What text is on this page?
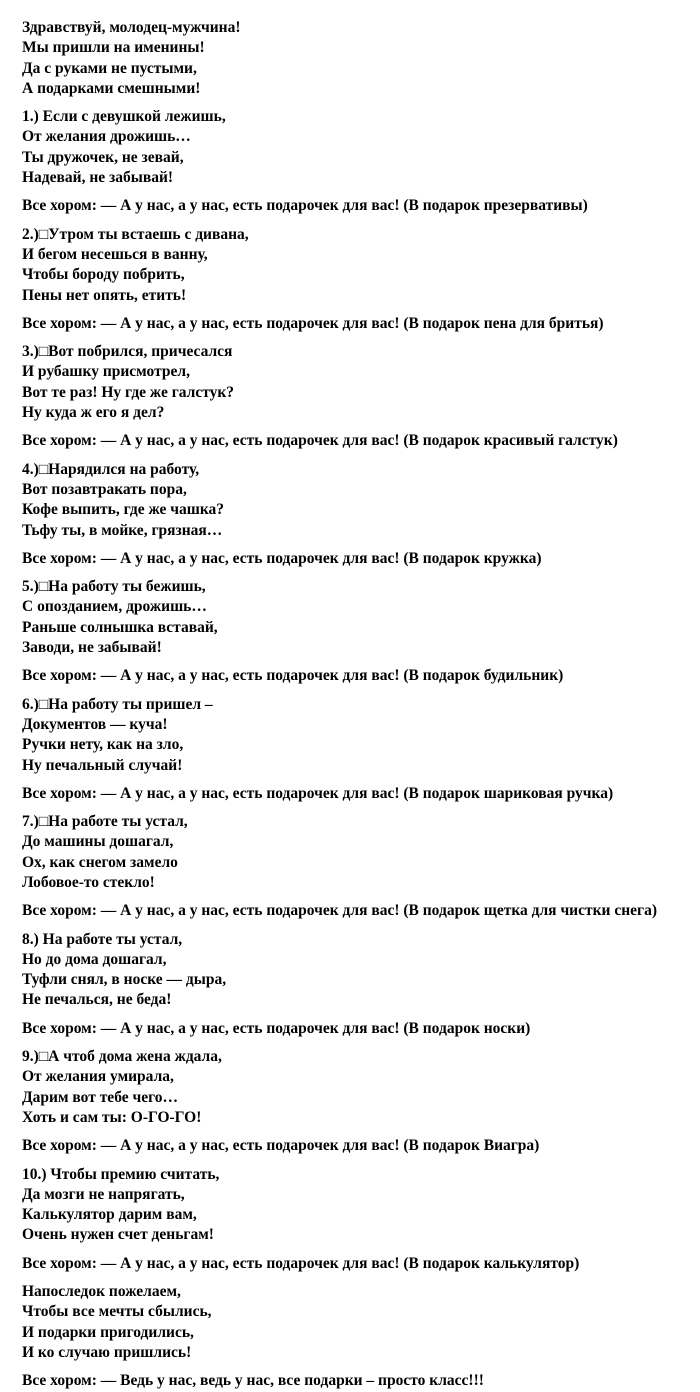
Здравствуй, молодец-мужчина!
Мы пришли на именины!
Да с руками не пустыми,
А подарками смешными!
1.) Если с девушкой лежишь,
От желания дрожишь…
Ты дружочек, не зевай,
Надевай, не забывай!
Все хором: — А у нас, а у нас, есть подарочек для вас! (В подарок презервативы)
2.)□Утром ты встаешь с дивана,
И бегом несешься в ванну,
Чтобы бороду побрить,
Пены нет опять, етить!
Все хором: — А у нас, а у нас, есть подарочек для вас! (В подарок пена для бритья)
3.)□Вот побрился, причесался
И рубашку присмотрел,
Вот те раз! Ну где же галстук?
Ну куда ж его я дел?
Все хором: — А у нас, а у нас, есть подарочек для вас! (В подарок красивый галстук)
4.)□Нарядился на работу,
Вот позавтракать пора,
Кофе выпить, где же чашка?
Тьфу ты, в мойке, грязная…
Все хором: — А у нас, а у нас, есть подарочек для вас! (В подарок кружка)
5.)□На работу ты бежишь,
С опозданием, дрожишь…
Раньше солнышка вставай,
Заводи, не забывай!
Все хором: — А у нас, а у нас, есть подарочек для вас! (В подарок будильник)
6.)□На работу ты пришел –
Документов — куча!
Ручки нету, как на зло,
Ну печальный случай!
Все хором: — А у нас, а у нас, есть подарочек для вас! (В подарок шариковая ручка)
7.)□На работе ты устал,
До машины дошагал,
Ох, как снегом замело
Лобовое-то стекло!
Все хором: — А у нас, а у нас, есть подарочек для вас! (В подарок щетка для чистки снега)
8.) На работе ты устал,
Но до дома дошагал,
Туфли снял, в носке — дыра,
Не печалься, не беда!
Все хором: — А у нас, а у нас, есть подарочек для вас! (В подарок носки)
9.)□А чтоб дома жена ждала,
От желания умирала,
Дарим вот тебе чего…
Хоть и сам ты: О-ГО-ГО!
Все хором: — А у нас, а у нас, есть подарочек для вас! (В подарок Виагра)
10.) Чтобы премию считать,
Да мозги не напрягать,
Калькулятор дарим вам,
Очень нужен счет деньгам!
Все хором: — А у нас, а у нас, есть подарочек для вас! (В подарок калькулятор)
Напоследок пожелаем,
Чтобы все мечты сбылись,
И подарки пригодились,
И ко случаю пришлись!
Все хором: — Ведь у нас, ведь у нас, все подарки – просто класс!!!
